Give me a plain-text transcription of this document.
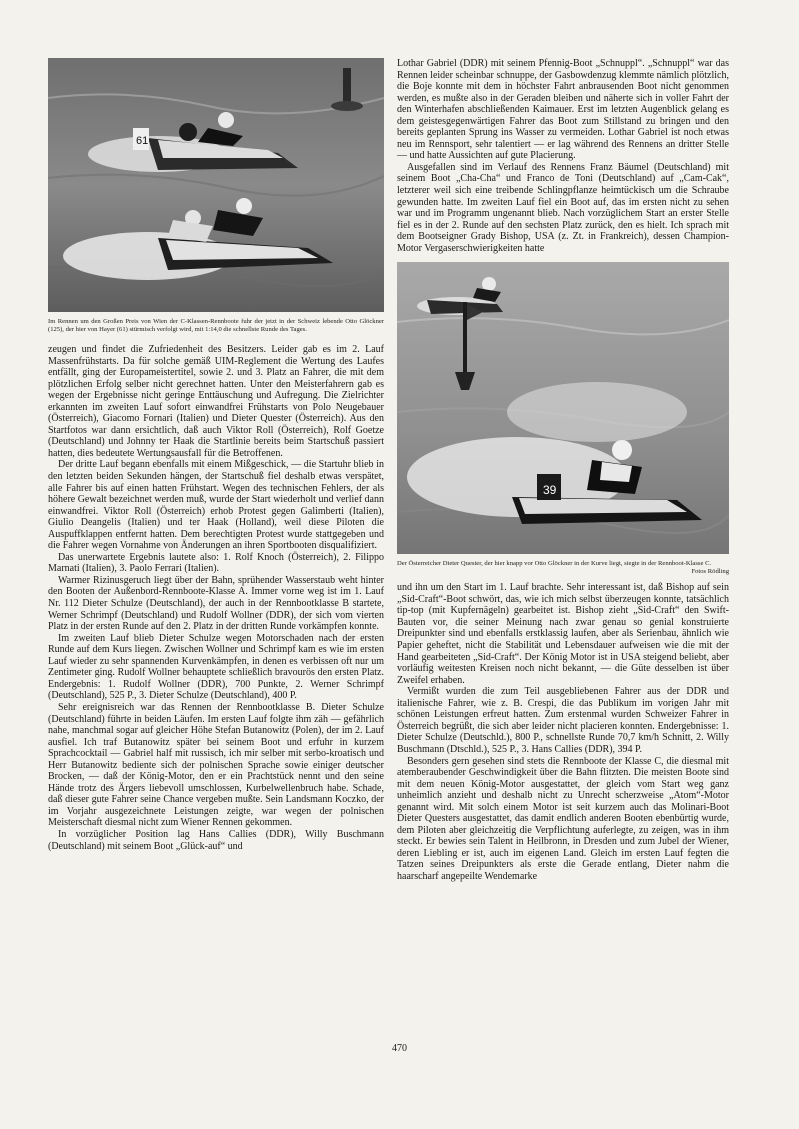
61
Im Rennen um den Großen Preis von Wien der C-Klassen-Rennboote fuhr der jetzt in der Schweiz lebende Otto Glöckner (125), der hier von Hayer (61) stürmisch verfolgt wird, mit 1:14,0 die schnellste Runde des Tages.

zeugen und findet die Zufriedenheit des Besitzers. Leider gab es im 2. Lauf Massenfrühstarts. Da für solche gemäß UIM-Reglement die Wertung des Laufes entfällt, ging der Europameistertitel, sowie 2. und 3. Platz an Fahrer, die mit dem plötzlichen Erfolg selber nicht gerechnet hatten. Unter den Meisterfahrern gab es wegen der Ergebnisse nicht geringe Enttäuschung und Aufregung. Die Zielrichter erkannten im zweiten Lauf sofort einwandfrei Frühstarts von Polo Neugebauer (Österreich), Giacomo Fornari (Italien) und Dieter Quester (Österreich). Aus den Startfotos war dann ersichtlich, daß auch Viktor Roll (Österreich), Rolf Goetze (Deutschland) und Johnny ter Haak die Startlinie bereits beim Startschuß passiert hatten, dies bedeutete Wertungsausfall für die Betroffenen.

Der dritte Lauf begann ebenfalls mit einem Mißgeschick, — die Startuhr blieb in den letzten beiden Sekunden hängen, der Startschuß fiel deshalb etwas verspätet, alle Fahrer bis auf einen hatten Frühstart. Wegen des technischen Fehlers, der als höhere Gewalt bezeichnet werden muß, wurde der Start wiederholt und verlief dann einwandfrei. Viktor Roll (Österreich) erhob Protest gegen Galimberti (Italien), Giulio Deangelis (Italien) und ter Haak (Holland), weil diese Piloten die Auspuffklappen entfernt hatten. Dem berechtigten Protest wurde stattgegeben und die Fahrer wegen Vornahme von Änderungen an ihren Sportbooten disqualifiziert.

Das unerwartete Ergebnis lautete also: 1. Rolf Knoch (Österreich), 2. Filippo Marnati (Italien), 3. Paolo Ferrari (Italien).

Warmer Rizinusgeruch liegt über der Bahn, sprühender Wasserstaub weht hinter den Booten der Außenbord-Rennboote-Klasse A. Immer vorne weg ist im 1. Lauf Nr. 112 Dieter Schulze (Deutschland), der auch in der Rennbootklasse B startete, Werner Schrimpf (Deutschland) und Rudolf Wollner (DDR), der sich vom vierten Platz in der ersten Runde auf den 2. Platz in der dritten Runde vorkämpfen konnte.

Im zweiten Lauf blieb Dieter Schulze wegen Motorschaden nach der ersten Runde auf dem Kurs liegen. Zwischen Wollner und Schrimpf kam es wie im ersten Lauf wieder zu sehr spannenden Kurvenkämpfen, in denen es verbissen oft nur um Zentimeter ging. Rudolf Wollner behauptete schließlich bravourös den ersten Platz. Endergebnis: 1. Rudolf Wollner (DDR), 700 Punkte, 2. Werner Schrimpf (Deutschland), 525 P., 3. Dieter Schulze (Deutschland), 400 P.

Sehr ereignisreich war das Rennen der Rennbootklasse B. Dieter Schulze (Deutschland) führte in beiden Läufen. Im ersten Lauf folgte ihm zäh — gefährlich nahe, manchmal sogar auf gleicher Höhe Stefan Butanowitz (Polen), der im 2. Lauf ausfiel. Ich traf Butanowitz später bei seinem Boot und erfuhr in kurzem Sprachcocktail — Gabriel half mit russisch, ich mir selber mit serbo-kroatisch und Herr Butanowitz bediente sich der polnischen Sprache sowie einiger deutscher Brocken, — daß der König-Motor, den er ein Prachtstück nennt und den seine Hände trotz des Ärgers liebevoll umschlossen, Kurbelwellenbruch habe. Schade, daß dieser gute Fahrer seine Chance vergeben mußte. Sein Landsmann Koczko, der im Vorjahr ausgezeichnete Leistungen zeigte, war wegen der polnischen Meisterschaft diesmal nicht zum Wiener Rennen gekommen.

In vorzüglicher Position lag Hans Callies (DDR), Willy Buschmann (Deutschland) mit seinem Boot „Glück-auf“ und

Lothar Gabriel (DDR) mit seinem Pfennig-Boot „Schnuppl“. „Schnuppl“ war das Rennen leider scheinbar schnuppe, der Gasbowdenzug klemmte nämlich plötzlich, die Boje konnte mit dem in höchster Fahrt anbrausenden Boot nicht genommen werden, es mußte also in der Geraden bleiben und näherte sich in voller Fahrt der den Winterhafen abschließenden Kaimauer. Erst im letzten Augenblick gelang es dem geistesgegenwärtigen Fahrer das Boot zum Stillstand zu bringen und den bereits geplanten Sprung ins Wasser zu vermeiden. Lothar Gabriel ist noch etwas neu im Rennsport, sehr talentiert — er lag während des Rennens an dritter Stelle — und hatte Aussichten auf gute Placierung.

Ausgefallen sind im Verlauf des Rennens Franz Bäumel (Deutschland) mit seinem Boot „Cha-Cha“ und Franco de Toni (Deutschland) auf „Cam-Cak“, letzterer weil sich eine treibende Schlingpflanze heimtückisch um die Schraube gewunden hatte. Im zweiten Lauf fiel ein Boot auf, das im ersten nicht zu sehen war und im Programm ungenannt blieb. Nach vorzüglichem Start an erster Stelle fiel es in der 2. Runde auf den sechsten Platz zurück, den es hielt. Ich sprach mit dem Bootseigner Grady Bishop, USA (z. Zt. in Frankreich), dessen Champion-Motor Vergaserschwierigkeiten hatte

39
Der Österreicher Dieter Quester, der hier knapp vor Otto Glöckner in der Kurve liegt, siegte in der Rennboot-Klasse C.
Fotos Rödling

und ihn um den Start im 1. Lauf brachte. Sehr interessant ist, daß Bishop auf sein „Sid-Craft“-Boot schwört, das, wie ich mich selbst überzeugen konnte, tatsächlich tip-top (mit Kupfernägeln) gearbeitet ist. Bishop zieht „Sid-Craft“ den Swift-Bauten vor, die seiner Meinung nach zwar genau so genial konstruierte Dreipunkter sind und ebenfalls erstklassig laufen, aber als Serienbau, ähnlich wie Papier geheftet, nicht die Stabilität und Lebensdauer aufweisen wie die mit der Hand gearbeiteten „Sid-Craft“. Der König Motor ist in USA steigend beliebt, aber vorläufig weitesten Kreisen noch nicht bekannt, — die Güte desselben ist über Zweifel erhaben.

Vermißt wurden die zum Teil ausgebliebenen Fahrer aus der DDR und italienische Fahrer, wie z. B. Crespi, die das Publikum im vorigen Jahr mit schönen Leistungen erfreut hatten. Zum erstenmal wurden Schweizer Fahrer in Österreich begrüßt, die sich aber leider nicht placieren konnten. Endergebnisse: 1. Dieter Schulze (Deutschld.), 800 P., schnellste Runde 70,7 km/h Schnitt, 2. Willy Buschmann (Dtschld.), 525 P., 3. Hans Callies (DDR), 394 P.

Besonders gern gesehen sind stets die Rennboote der Klasse C, die diesmal mit atemberaubender Geschwindigkeit über die Bahn flitzten. Die meisten Boote sind mit dem neuen König-Motor ausgestattet, der gleich vom Start weg ganz unheimlich anzieht und deshalb nicht zu Unrecht scherzweise „Atom“-Motor genannt wird. Mit solch einem Motor ist seit kurzem auch das Molinari-Boot Dieter Questers ausgestattet, das damit endlich anderen Booten ebenbürtig wurde, dem Piloten aber gleichzeitig die Verpflichtung auferlegte, zu zeigen, was in ihm steckt. Er bewies sein Talent in Heilbronn, in Dresden und zum Jubel der Wiener, deren Liebling er ist, auch im eigenen Land. Gleich im ersten Lauf fegten die Tatzen seines Dreipunkters als erste die Gerade entlang, Dieter nahm die haarscharf angepeilte Wendemarke

470
